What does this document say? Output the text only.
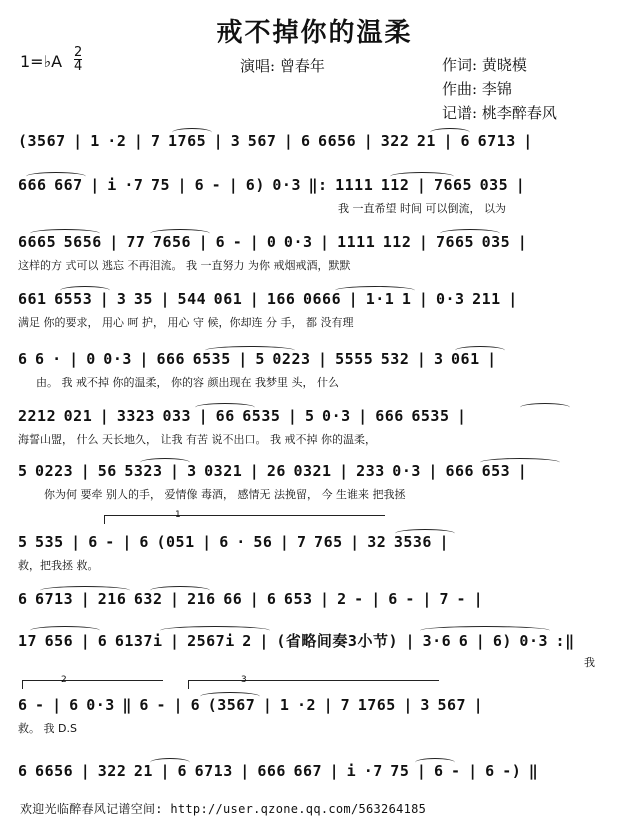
戒不掉你的温柔
1=♭A 2
4	演唱: 曾春年	作词: 黄晓模
作曲: 李锦
记谱: 桃李醉春风
(3567 | 1 ·2 | 7 1765 | 3 567 | 6 6656 | 322 21 | 6 6713 |
666 667 | i ·7 75 | 6 - | 6) 0·3 ‖: 1111 112 | 7665 035 |
我 一直希望 时间 可以倒流， 以为
6665 5656 | 77 7656 | 6 - | 0 0·3 | 1111 112 | 7665 035 |
这样的方 式可以 逃忘 不再泪流。 我 一直努力 为你 戒烟戒酒，默默
661 6553 | 3 35 | 544 061 | 166 0666 | 1·1 1 | 0·3 211 |
满足 你的要求， 用心 呵 护， 用心 守 候，你却连 分 手， 都 没有理
6 6 · | 0 0·3 | 666 6535 | 5 0223 | 5555 532 | 3 061 |
由。 我 戒不掉 你的温柔， 你的容 颜出现在 我梦里 头， 什么
2212 021 | 3323 033 | 66 6535 | 5 0·3 | 666 6535 |
海誓山盟， 什么 天长地久， 让我 有苦 说不出口。 我 戒不掉 你的温柔，
5 0223 | 56 5323 | 3 0321 | 26 0321 | 233 0·3 | 666 653 |
你为何 要牵 别人的手， 爱情像 毒酒， 感情无 法挽留， 今 生谁来 把我拯
5 535 | 6 - | 6 (051 | 6 · 56 | 7 765 | 32 3536 |
救，把我拯 救。
6 6713 | 216 632 | 216 66 | 6 653 | 2 - | 6 - | 7 - |
17 656 | 6 6137i | 2567i 2 | (省略间奏3小节) | 3·6 6 | 6) 0·3 :‖
我
6 - | 6 0·3 ‖ 6 - | 6 (3567 | 1 ·2 | 7 1765 | 3 567 |
救。 我 D.S
6 6656 | 322 21 | 6 6713 | 666 667 | i ·7 75 | 6 - | 6 -) ‖
1
2	3
欢迎光临醉春风记谱空间: http://user.qzone.qq.com/563264185
